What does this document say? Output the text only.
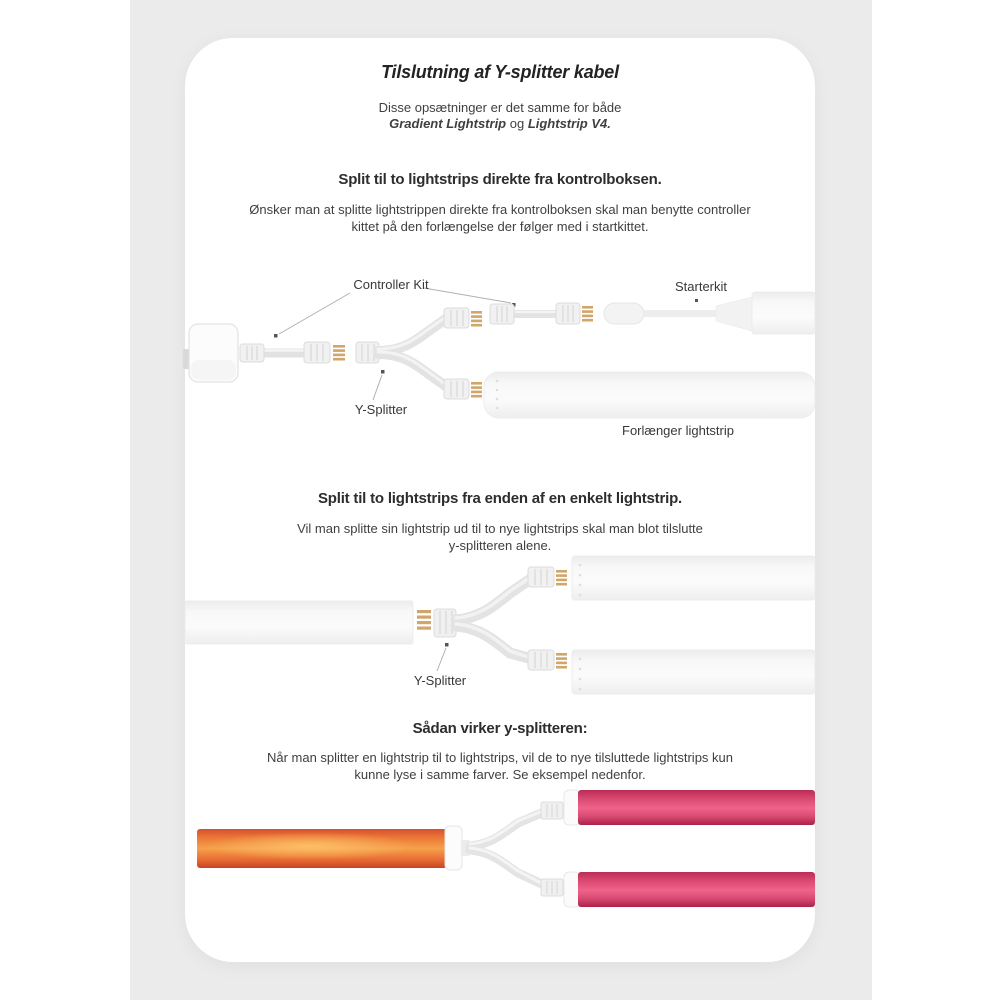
Tilslutning af Y-splitter kabel
Disse opsætninger er det samme for både
Gradient Lightstrip og Lightstrip V4.
Split til to lightstrips direkte fra kontrolboksen.
Ønsker man at splitte lightstrippen direkte fra kontrolboksen skal man benytte controller
kittet på den forlængelse der følger med i startkittet.
Controller Kit	Starterkit
Y-Splitter
Forlænger lightstrip
Split til to lightstrips fra enden af en enkelt lightstrip.
Vil man splitte sin lightstrip ud til to nye lightstrips skal man blot tilslutte
y-splitteren alene.
Y-Splitter
Sådan virker y-splitteren:
Når man splitter en lightstrip til to lightstrips, vil de to nye tilsluttede lightstrips kun
kunne lyse i samme farver. Se eksempel nedenfor.
